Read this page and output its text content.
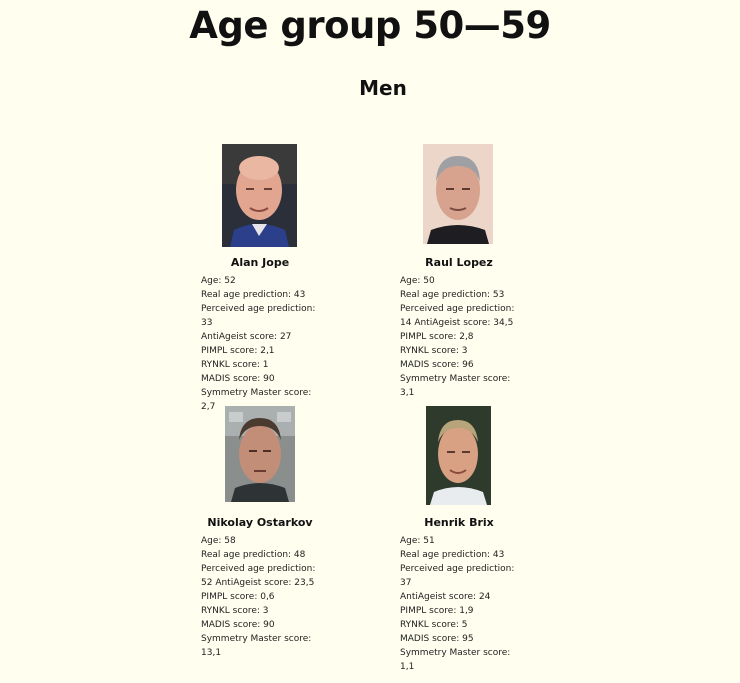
Age group 50—59
Men
Alan Jope
Age: 52
Real age prediction: 43
Perceived age prediction:
33
AntiAgeist score: 27
PIMPL score: 2,1
RYNKL score: 1
MADIS score: 90
Symmetry Master score:
2,7
Raul Lopez
Age: 50
Real age prediction: 53
Perceived age prediction:
14 AntiAgeist score: 34,5
PIMPL score: 2,8
RYNKL score: 3
MADIS score: 96
Symmetry Master score:
3,1
Nikolay Ostarkov
Age: 58
Real age prediction: 48
Perceived age prediction:
52 AntiAgeist score: 23,5
PIMPL score: 0,6
RYNKL score: 3
MADIS score: 90
Symmetry Master score:
13,1
Henrik Brix
Age: 51
Real age prediction: 43
Perceived age prediction:
37
AntiAgeist score: 24
PIMPL score: 1,9
RYNKL score: 5
MADIS score: 95
Symmetry Master score:
1,1
